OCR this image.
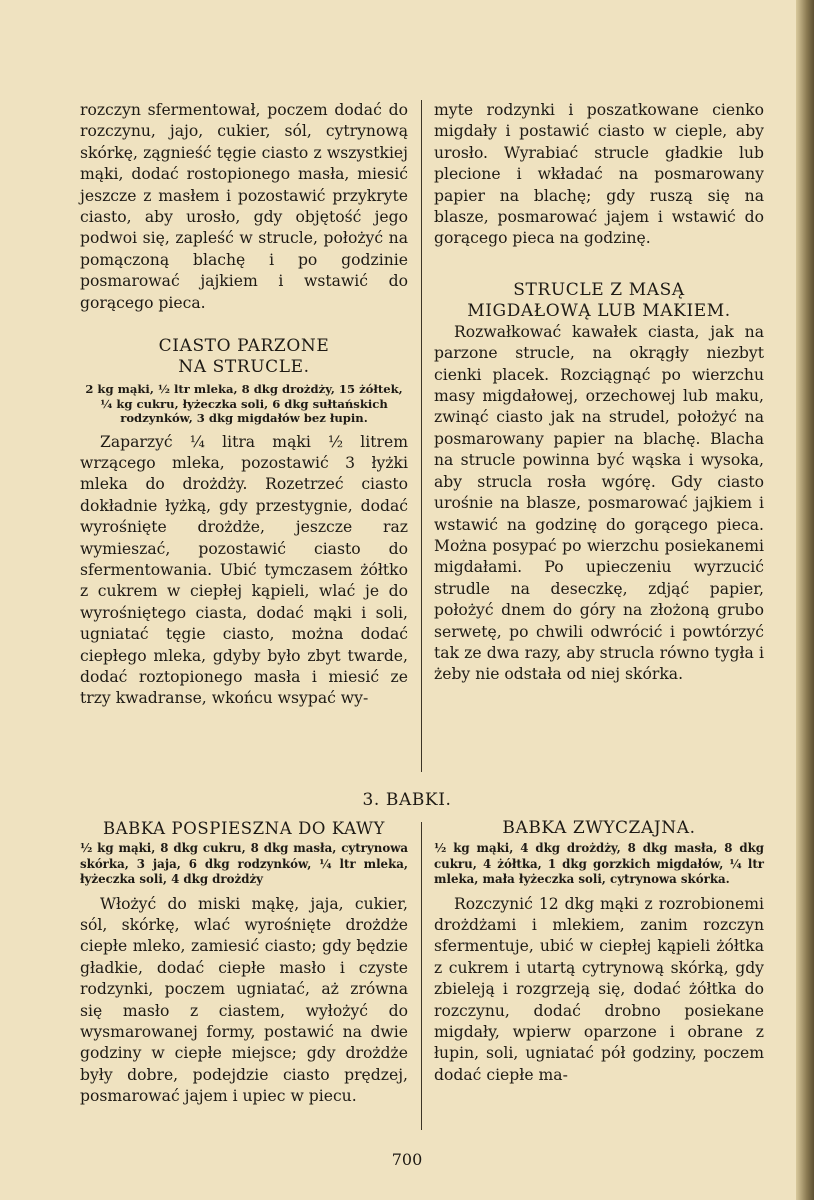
rozczyn sfermentował, poczem dodać do rozczynu, jajo, cukier, sól, cytrynową skórkę, zągnieść tęgie ciasto z wszystkiej mąki, dodać rostopionego masła, miesić jeszcze z masłem i pozostawić przykryte ciasto, aby urosło, gdy objętość jego podwoi się, zapleść w strucle, położyć na pomączoną blachę i po godzinie posmarować jajkiem i wstawić do gorącego pieca.

CIASTO PARZONE
NA STRUCLE.

2 kg mąki, ½ ltr mleka, 8 dkg drożdży, 15 żółtek, ¼ kg cukru, łyżeczka soli, 6 dkg sułtańskich rodzynków, 3 dkg migdałów bez łupin.

Zaparzyć ¼ litra mąki ½ litrem wrzącego mleka, pozostawić 3 łyżki mleka do drożdży. Rozetrzeć ciasto dokładnie łyżką, gdy przestygnie, dodać wyrośnięte drożdże, jeszcze raz wymieszać, pozostawić ciasto do sfermentowania. Ubić tymczasem żółtko z cukrem w ciepłej kąpieli, wlać je do wyrośniętego ciasta, dodać mąki i soli, ugniatać tęgie ciasto, można dodać ciepłego mleka, gdyby było zbyt twarde, dodać roztopionego masła i miesić ze trzy kwadranse, wkońcu wsypać wy-

myte rodzynki i poszatkowane cienko migdały i postawić ciasto w cieple, aby urosło. Wyrabiać strucle gładkie lub plecione i wkładać na posmarowany papier na blachę; gdy ruszą się na blasze, posmarować jajem i wstawić do gorącego pieca na godzinę.

STRUCLE Z MASĄ
MIGDAŁOWĄ LUB MAKIEM.

Rozwałkować kawałek ciasta, jak na parzone strucle, na okrągły niezbyt cienki placek. Rozciągnąć po wierzchu masy migdałowej, orzechowej lub maku, zwinąć ciasto jak na strudel, położyć na posmarowany papier na blachę. Blacha na strucle powinna być wąska i wysoka, aby strucla rosła wgórę. Gdy ciasto urośnie na blasze, posmarować jajkiem i wstawić na godzinę do gorącego pieca. Można posypać po wierzchu posiekanemi migdałami. Po upieczeniu wyrzucić strudle na deseczkę, zdjąć papier, położyć dnem do góry na złożoną grubo serwetę, po chwili odwrócić i powtórzyć tak ze dwa razy, aby strucla równo tygła i żeby nie odstała od niej skórka.

3. BABKI.
BABKA POSPIESZNA DO KAWY

½ kg mąki, 8 dkg cukru, 8 dkg masła, cytrynowa skórka, 3 jaja, 6 dkg rodzynków, ¼ ltr mleka, łyżeczka soli, 4 dkg drożdży

Włożyć do miski mąkę, jaja, cukier, sól, skórkę, wlać wyrośnięte drożdże ciepłe mleko, zamiesić ciasto; gdy będzie gładkie, dodać ciepłe masło i czyste rodzynki, poczem ugniatać, aż zrówna się masło z ciastem, wyłożyć do wysmarowanej formy, postawić na dwie godziny w ciepłe miejsce; gdy drożdże były dobre, podejdzie ciasto prędzej, posmarować jajem i upiec w piecu.

BABKA ZWYCZAJNA.

½ kg mąki, 4 dkg drożdży, 8 dkg masła, 8 dkg cukru, 4 żółtka, 1 dkg gorzkich migdałów, ¼ ltr mleka, mała łyżeczka soli, cytrynowa skórka.

Rozczynić 12 dkg mąki z rozrobionemi drożdżami i mlekiem, zanim rozczyn sfermentuje, ubić w ciepłej kąpieli żółtka z cukrem i utartą cytrynową skórką, gdy zbieleją i rozgrzeją się, dodać żółtka do rozczynu, dodać drobno posiekane migdały, wpierw oparzone i obrane z łupin, soli, ugniatać pół godziny, poczem dodać ciepłe ma-

700
